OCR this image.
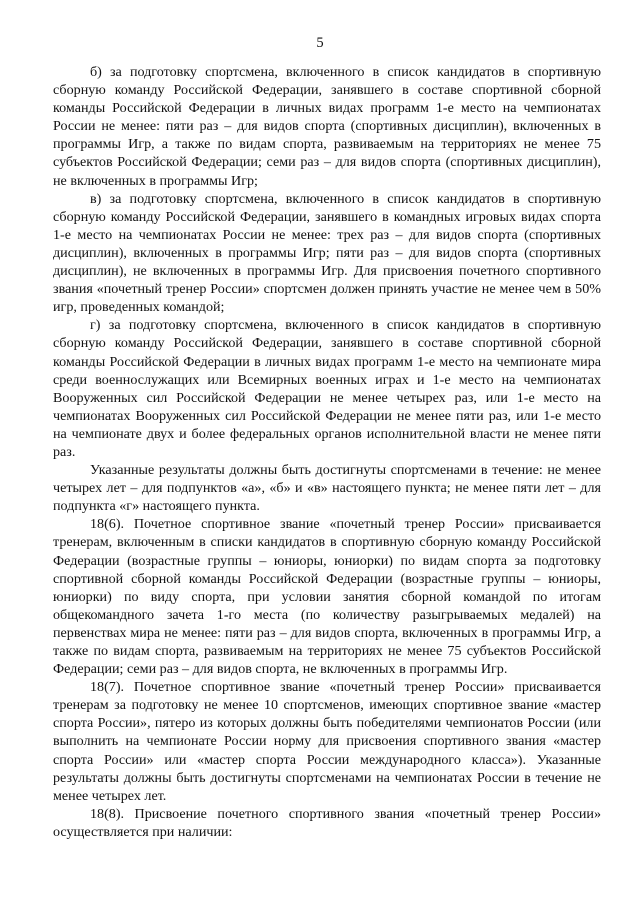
5

б) за подготовку спортсмена, включенного в список кандидатов в спортивную сборную команду Российской Федерации, занявшего в составе спортивной сборной команды Российской Федерации в личных видах программ 1-е место на чемпионатах России не менее: пяти раз – для видов спорта (спортивных дисциплин), включенных в программы Игр, а также по видам спорта, развиваемым на территориях не менее 75 субъектов Российской Федерации; семи раз – для видов спорта (спортивных дисциплин), не включенных в программы Игр;

в) за подготовку спортсмена, включенного в список кандидатов в спортивную сборную команду Российской Федерации, занявшего в командных игровых видах спорта 1-е место на чемпионатах России не менее: трех раз – для видов спорта (спортивных дисциплин), включенных в программы Игр; пяти раз – для видов спорта (спортивных дисциплин), не включенных в программы Игр. Для присвоения почетного спортивного звания «почетный тренер России» спортсмен должен принять участие не менее чем в 50% игр, проведенных командой;

г) за подготовку спортсмена, включенного в список кандидатов в спортивную сборную команду Российской Федерации, занявшего в составе спортивной сборной команды Российской Федерации в личных видах программ 1-е место на чемпионате мира среди военнослужащих или Всемирных военных играх и 1-е место на чемпионатах Вооруженных сил Российской Федерации не менее четырех раз, или 1-е место на чемпионатах Вооруженных сил Российской Федерации не менее пяти раз, или 1-е место на чемпионате двух и более федеральных органов исполнительной власти не менее пяти раз.

Указанные результаты должны быть достигнуты спортсменами в течение: не менее четырех лет – для подпунктов «а», «б» и «в» настоящего пункта; не менее пяти лет – для подпункта «г» настоящего пункта.

18(6). Почетное спортивное звание «почетный тренер России» присваивается тренерам, включенным в списки кандидатов в спортивную сборную команду Российской Федерации (возрастные группы – юниоры, юниорки) по видам спорта за подготовку спортивной сборной команды Российской Федерации (возрастные группы – юниоры, юниорки) по виду спорта, при условии занятия сборной командой по итогам общекомандного зачета 1-го места (по количеству разыгрываемых медалей) на первенствах мира не менее: пяти раз – для видов спорта, включенных в программы Игр, а также по видам спорта, развиваемым на территориях не менее 75 субъектов Российской Федерации; семи раз – для видов спорта, не включенных в программы Игр.

18(7). Почетное спортивное звание «почетный тренер России» присваивается тренерам за подготовку не менее 10 спортсменов, имеющих спортивное звание «мастер спорта России», пятеро из которых должны быть победителями чемпионатов России (или выполнить на чемпионате России норму для присвоения спортивного звания «мастер спорта России» или «мастер спорта России международного класса»). Указанные результаты должны быть достигнуты спортсменами на чемпионатах России в течение не менее четырех лет.

18(8). Присвоение почетного спортивного звания «почетный тренер России» осуществляется при наличии:
